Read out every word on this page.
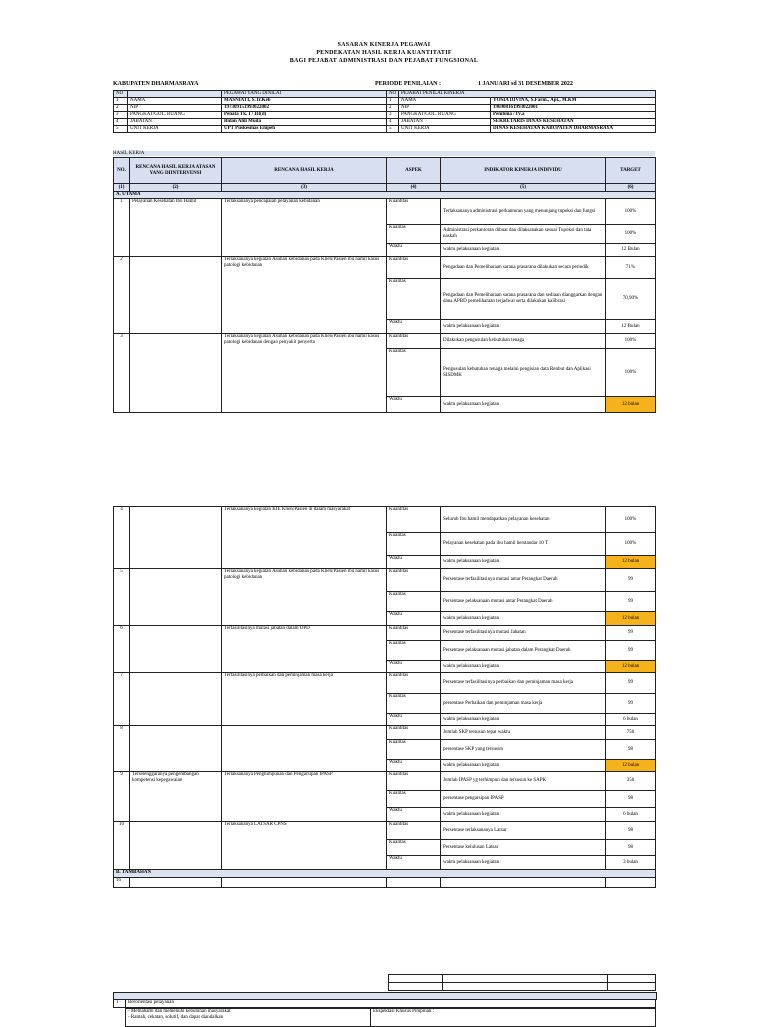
SASARAN KINERJA PEGAWAI
PENDEKATAN HASIL KERJA KUANTITATIF
BAGI PEJABAT ADMINISTRASI DAN PEJABAT FUNGSIONAL
KABUPATEN DHARMASRAYA	PERIODE PENILAIAN :	1 JANUARI sd 31 DESEMBER 2022
NO		PEGAWAI YANG DINILAI	NO	PEJABAT PENILAI KINERJA	
1	NAMA	MASNIATI, S.Tr.Keb	1	NAMA	YOSIA DIVINA, S.Farm., Apt., M.KM
2	NIP	197309151993022002	2	NIP	196908161993022001
3	PANGKAT/GOL. RUANG	Penata Tk. I / III(d)	3	PANGKAT/GOL. RUANG	Pembina / IV.a
4	JABATAN	Bidan Ahli Muda	4	JABATAN	SEKRETARIS DINAS KESEHATAN
5	UNIT KERJA	UPT Puskesmas Empeh	5	UNIT KERJA	DINAS KESEHATAN KABUPATEN DHARMASRAYA
HASIL KERJA
NO.	RENCANA HASIL KERJA ATASAN YANG DIINTERVENSI	RENCANA HASIL KERJA	ASPEK	INDIKATOR KINERJA INDIVIDU	TARGET
(1)	(2)	(3)	(4)	(5)	(6)
A. UTAMA					
1	Pelayanan Kesehatan Ibu Hamil	Terlaksananya pencapaian pelayanan kebidanan	Kuantitas	Terlaksananya administrasi perkantoran yang menunjang tupoksi dan fungsi	100%
			Kualitas	Administrasi perkantoran dibuat dan dilaksanakan sesuai Tupoksi dan tata naskah	100%
			Waktu	waktu pelaksanaan kegiatan	12 Bulan
2		Terlaksananya kegiatan Asuhan kebidanan pada Klien/Pasien ibu hamil kasus patologi kebidanan	Kuantitas	Pengadaan dan Pemeliharaan sarana prasarana dilakukan secara periodik	71%
			Kualitas	Pengadaan dan Pemeliharaan sarana prasarana dan sediaan dianggarkan dengan dana APBD pemeliharaan terjadwal serta dilakukan kalibrasi	70,90%
			Waktu	waktu pelaksanaan kegiatan	12 Bulan
3		Terlaksananya kegiatan Asuhan kebidanan pada Klien/Pasien ibu hamil kasus patologi kebidanan dengan penyakit penyerta	Kuantitas	Dilakukan pengusulan kebutuhan tenaga	100%
			Kualitas	Pengusulan kebutuhan tenaga melalui pengisian data Renbut dan Aplikasi SISDMK	100%
			Waktu	waktu pelaksanaan kegiatan	12 bulan
4		Terlaksananya kegiatan KIE Klien/Pasien di dalam masyarakat	Kuantitas	Seluruh Ibu hamil mendapatkan pelayanan kesehatan	100%
			Kualitas	Pelayanan kesehatan pada ibu hamil berstandar 10 T	100%
			Waktu	waktu pelaksanaan kegiatan	12 bulan
5		Terlaksananya kegiatan Asuhan kebidanan pada Klien/Pasien ibu hamil kasus patologi kebidanan	Kuantitas	Persentase terfasilitasinya mutasi antar Perangkat Daerah	99
			Kualitas	Persentase pelaksanaan mutasi antar Perangkat Daerah	99
			Waktu	waktu pelaksanaan kegiatan	12 bulan
6		Terfasilitasinya mutasi jabatan dalam OPD	Kuantitas	Persentase terfasilitasinya mutasi Jabatan	99
			Kualitas	Persentase pelaksanaan mutasi jabatan dalam Perangkat Daerah	99
			Waktu	waktu pelaksanaan kegiatan	12 bulan
7		Terfasilitasinya perbaikan dan peminjaman masa kerja	Kuantitas	Persentase terfasilitasinya perbaikan dan peminjaman masa kerja	99
			Kualitas	persentase Perbaikan dan peminjaman masa kerja	99
			Waktu	waktu pelaksanaan kegiatan	6 bulan
8			Kuantitas	Jumlah SKP tersusun tepat waktu	750
			Kualitas	persentase SKP yang tersusun	98
			Waktu	waktu pelaksanaan kegiatan	12 bulan
9	Terselenggaranya pengembangan kompetensi kepegawaian	Terlaksananya Penghimpunan dan Pengarsipan IPASP	Kuantitas	Jumlah IPASP yg terhimpun dan tersusun ke SAPK	350
			Kualitas	persentase pengarsipan IPASP	98
			Waktu	waktu pelaksanaan kegiatan	6 bulan
10		Terlaksananya LATSAR CPNS	Kuantitas	Persentase terlaksananya Latsar	98
			Kualitas	Persentase kelulusan Latsar	98
			Waktu	waktu pelaksanaan kegiatan	3 bulan
B. TAMBAHAN					
16					

1	Berorientasi pelayanan
- Memahami dan memenuhi kebutuhan masyarakat
- Ramah, cekatan, solutif, dan dapat diandalkan
	Ekspektasi Khusus Pimpinan :
